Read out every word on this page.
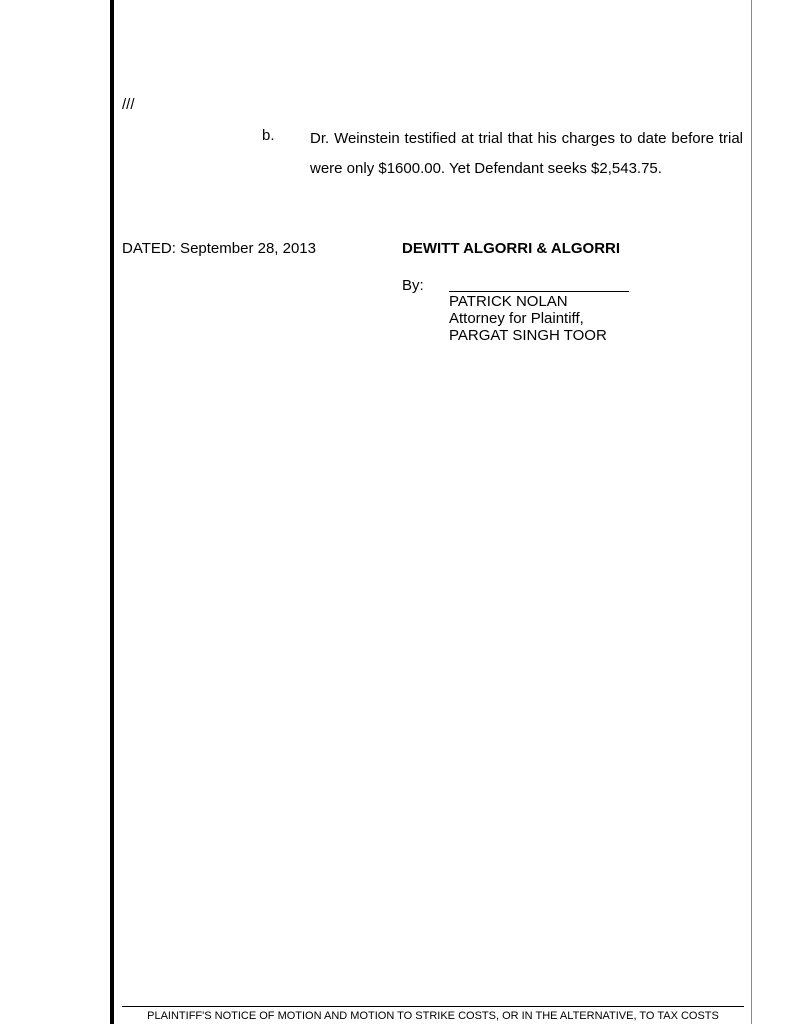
///
b. Dr. Weinstein testified at trial that his charges to date before trial were only $1600.00. Yet Defendant seeks $2,543.75.
DATED: September 28, 2013	DEWITT ALGORRI & ALGORRI
By:
PATRICK NOLAN
Attorney for Plaintiff,
PARGAT SINGH TOOR
PLAINTIFF'S NOTICE OF MOTION AND MOTION TO STRIKE COSTS, OR IN THE ALTERNATIVE, TO TAX COSTS
